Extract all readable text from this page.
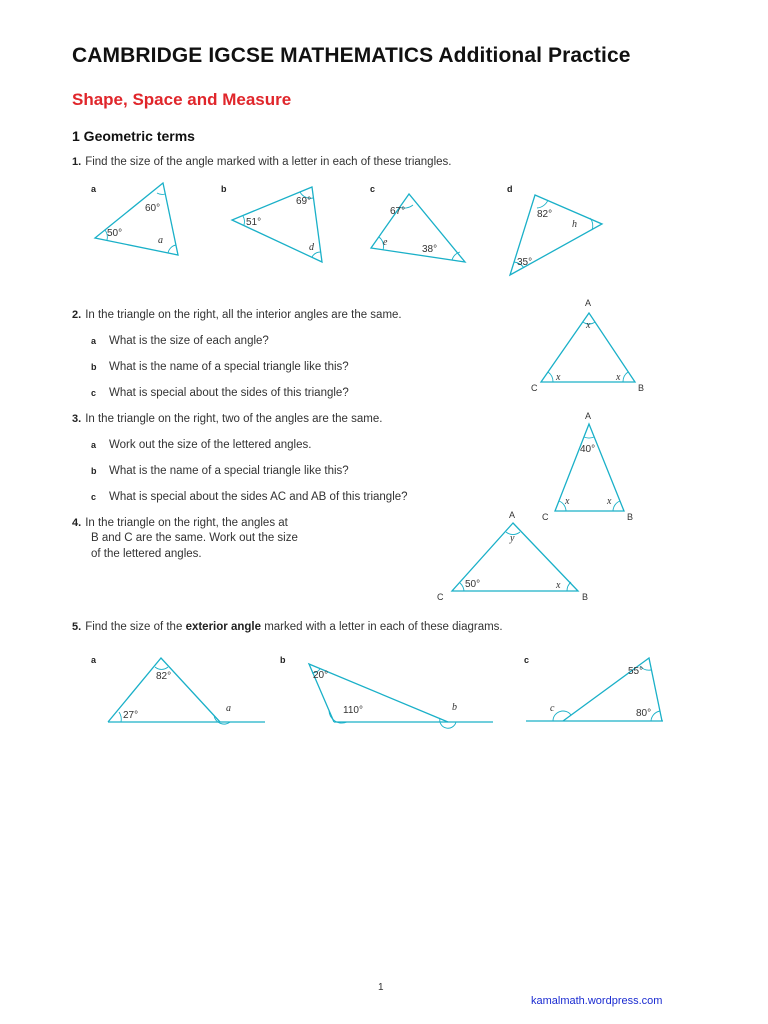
CAMBRIDGE IGCSE MATHEMATICS Additional Practice
Shape, Space and Measure
1 Geometric terms
1. Find the size of the angle marked with a letter in each of these triangles.
a	b	c	d
60°
50°
a
69°
51°
d
67°
e
38°
82°
h
35°
2. In the triangle on the right, all the interior angles are the same.
a What is the size of each angle?
b What is the name of a special triangle like this?
c What is special about the sides of this triangle?
3. In the triangle on the right, two of the angles are the same.
a Work out the size of the lettered angles.
b What is the name of a special triangle like this?
c What is special about the sides AC and AB of this triangle?
4. In the triangle on the right, the angles at
B and C are the same. Work out the size
of the lettered angles.
A
C	B
x
x	x
A
C	B
40°
x	x
A
C	B
y
50°	x
5. Find the size of the exterior angle marked with a letter in each of these diagrams.
a	b	c
82°
27°
a
20°
110°	b
55°
c	80°
1
kamalmath.wordpress.com
